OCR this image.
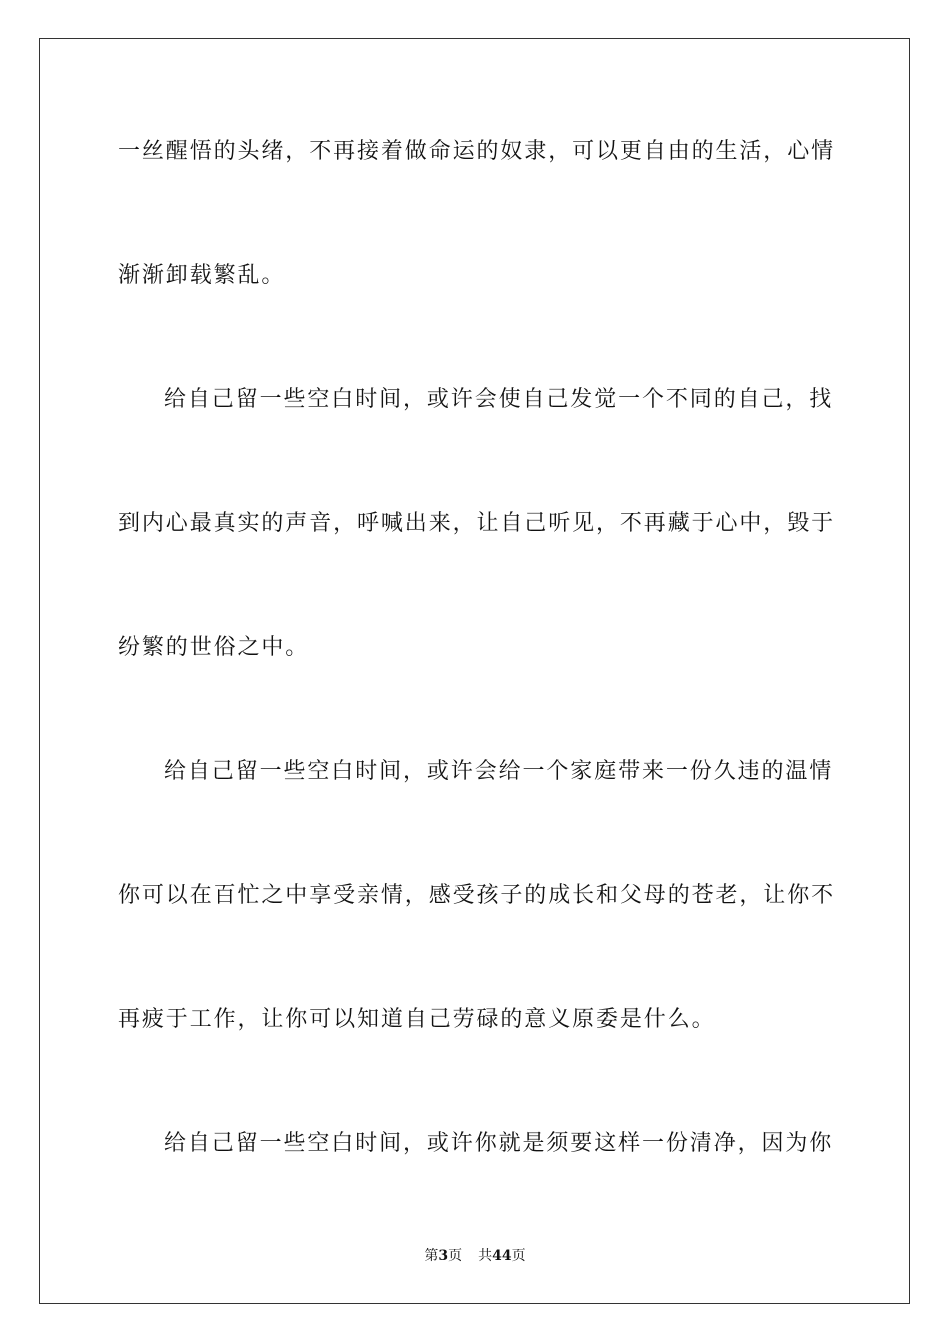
一丝醒悟的头绪，不再接着做命运的奴隶，可以更自由的生活，心情
渐渐卸载繁乱。
给自己留一些空白时间，或许会使自己发觉一个不同的自己，找
到内心最真实的声音，呼喊出来，让自己听见，不再藏于心中，毁于
纷繁的世俗之中。
给自己留一些空白时间，或许会给一个家庭带来一份久违的温情
你可以在百忙之中享受亲情，感受孩子的成长和父母的苍老，让你不
再疲于工作，让你可以知道自己劳碌的意义原委是什么。
给自己留一些空白时间，或许你就是须要这样一份清净，因为你
第3页 共44页
